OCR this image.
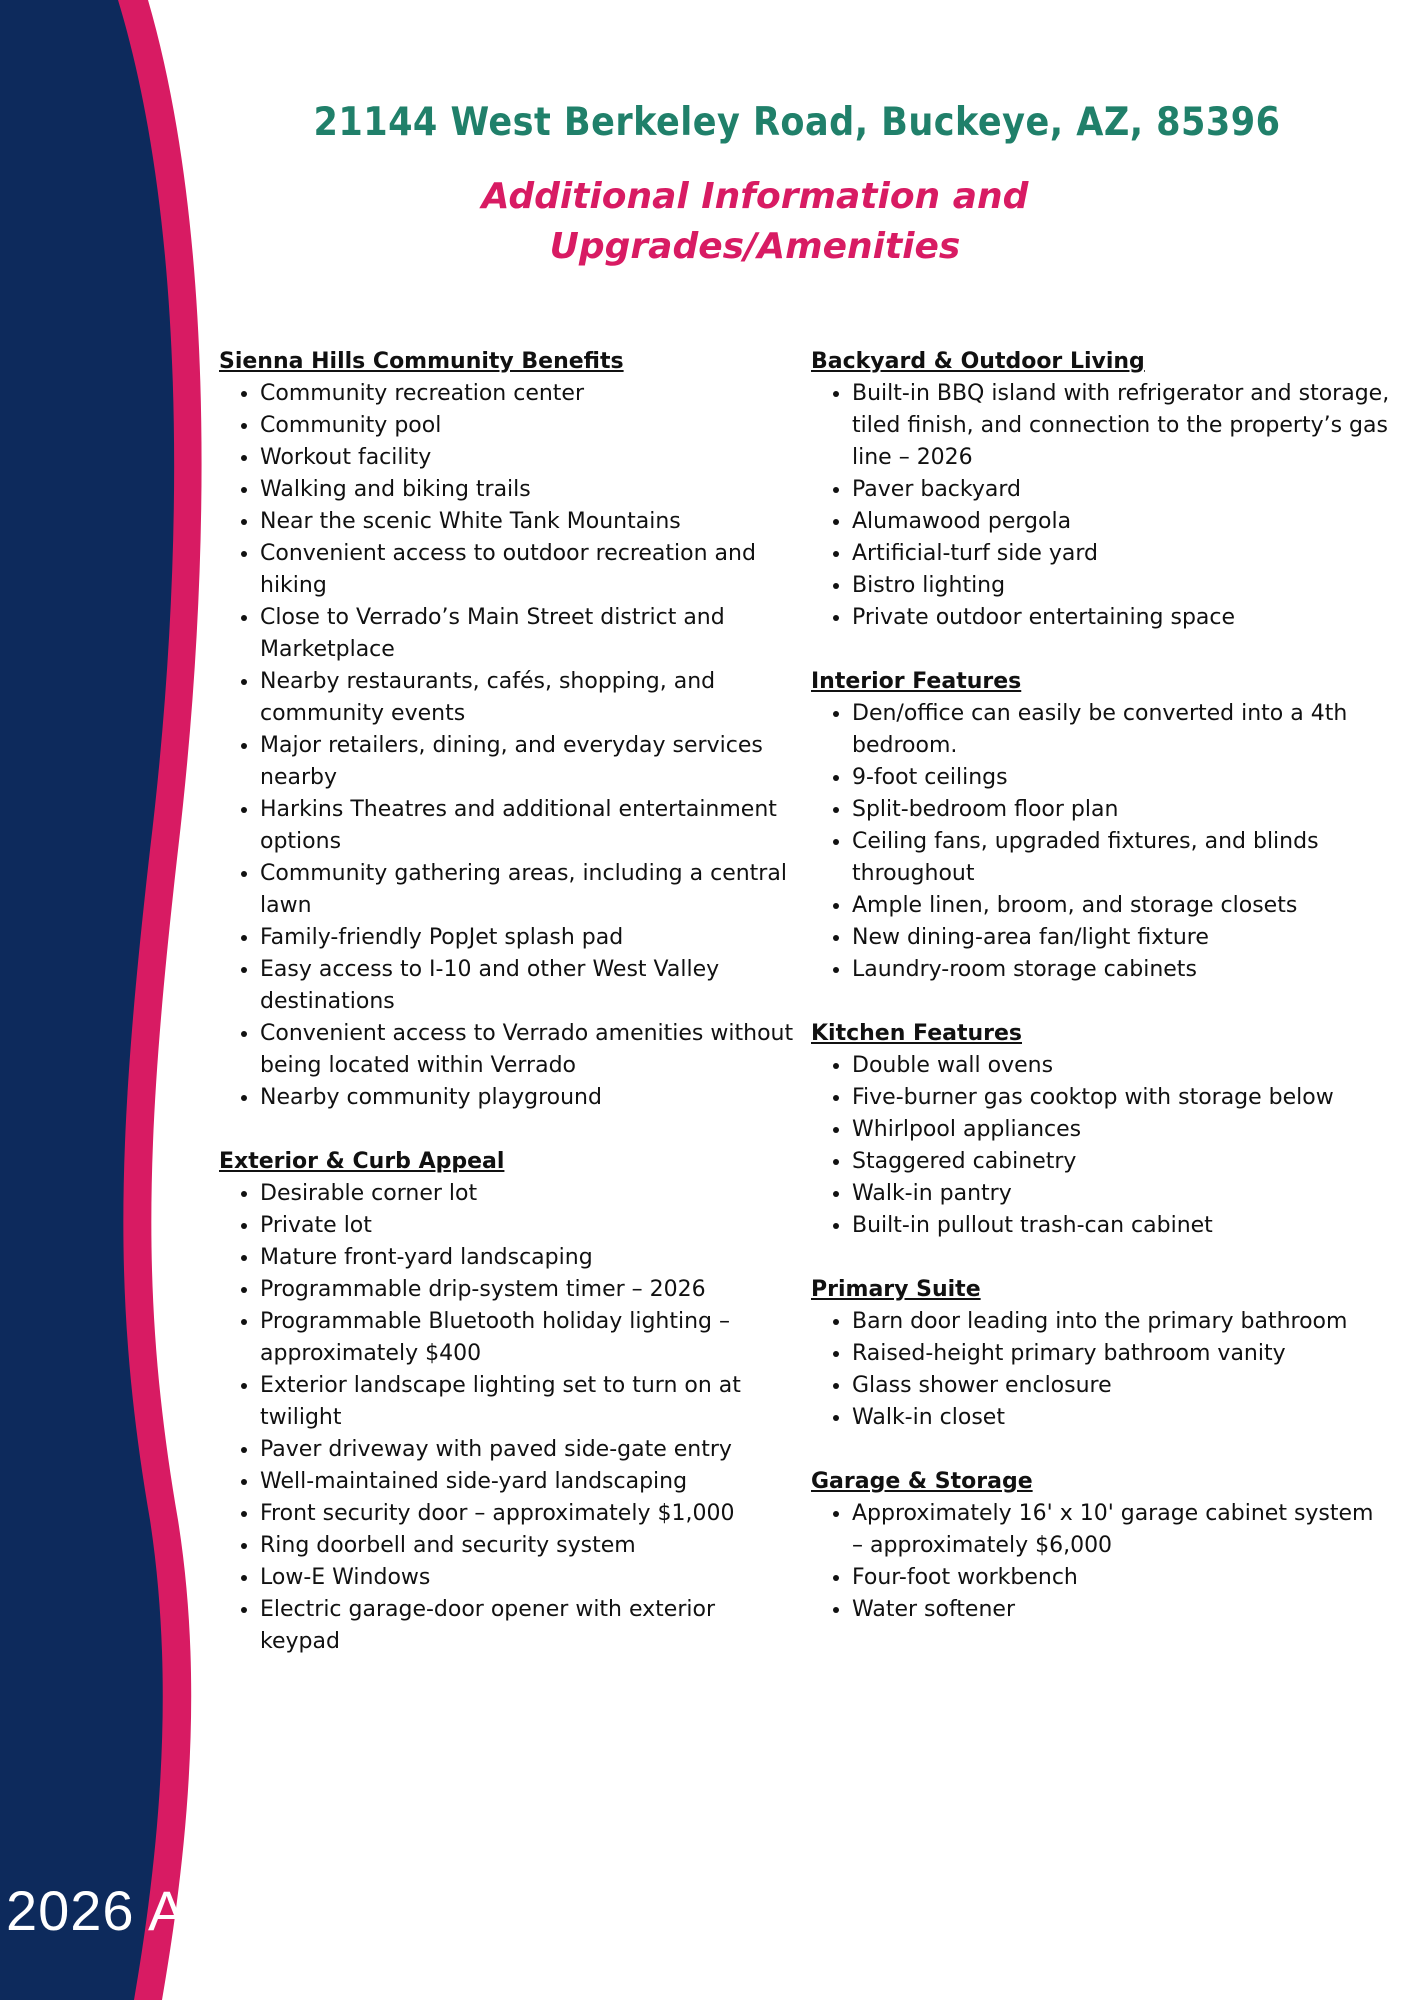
21144 West Berkeley Road, Buckeye, AZ, 85396
Additional Information and
Upgrades/Amenities
Sienna Hills Community Benefits
• Community recreation center
• Community pool
• Workout facility
• Walking and biking trails
• Near the scenic White Tank Mountains
• Convenient access to outdoor recreation and hiking
• Close to Verrado’s Main Street district and Marketplace
• Nearby restaurants, cafés, shopping, and community events
• Major retailers, dining, and everyday services nearby
• Harkins Theatres and additional entertainment options
• Community gathering areas, including a central lawn
• Family-friendly PopJet splash pad
• Easy access to I-10 and other West Valley destinations
• Convenient access to Verrado amenities without being located within Verrado
• Nearby community playground
Exterior & Curb Appeal
• Desirable corner lot
• Private lot
• Mature front-yard landscaping
• Programmable drip-system timer – 2026
• Programmable Bluetooth holiday lighting – approximately $400
• Exterior landscape lighting set to turn on at twilight
• Paver driveway with paved side-gate entry
• Well-maintained side-yard landscaping
• Front security door – approximately $1,000
• Ring doorbell and security system
• Low-E Windows
• Electric garage-door opener with exterior keypad
Backyard & Outdoor Living
• Built-in BBQ island with refrigerator and storage, tiled finish, and connection to the property’s gas line – 2026
• Paver backyard
• Alumawood pergola
• Artificial-turf side yard
• Bistro lighting
• Private outdoor entertaining space
Interior Features
• Den/office can easily be converted into a 4th bedroom.
• 9-foot ceilings
• Split-bedroom floor plan
• Ceiling fans, upgraded fixtures, and blinds throughout
• Ample linen, broom, and storage closets
• New dining-area fan/light fixture
• Laundry-room storage cabinets
Kitchen Features
• Double wall ovens
• Five-burner gas cooktop with storage below
• Whirlpool appliances
• Staggered cabinetry
• Walk-in pantry
• Built-in pullout trash-can cabinet
Primary Suite
• Barn door leading into the primary bathroom
• Raised-height primary bathroom vanity
• Glass shower enclosure
• Walk-in closet
Garage & Storage
• Approximately 16' x 10' garage cabinet system – approximately $6,000
• Four-foot workbench
• Water softener
2026 ARMLS
